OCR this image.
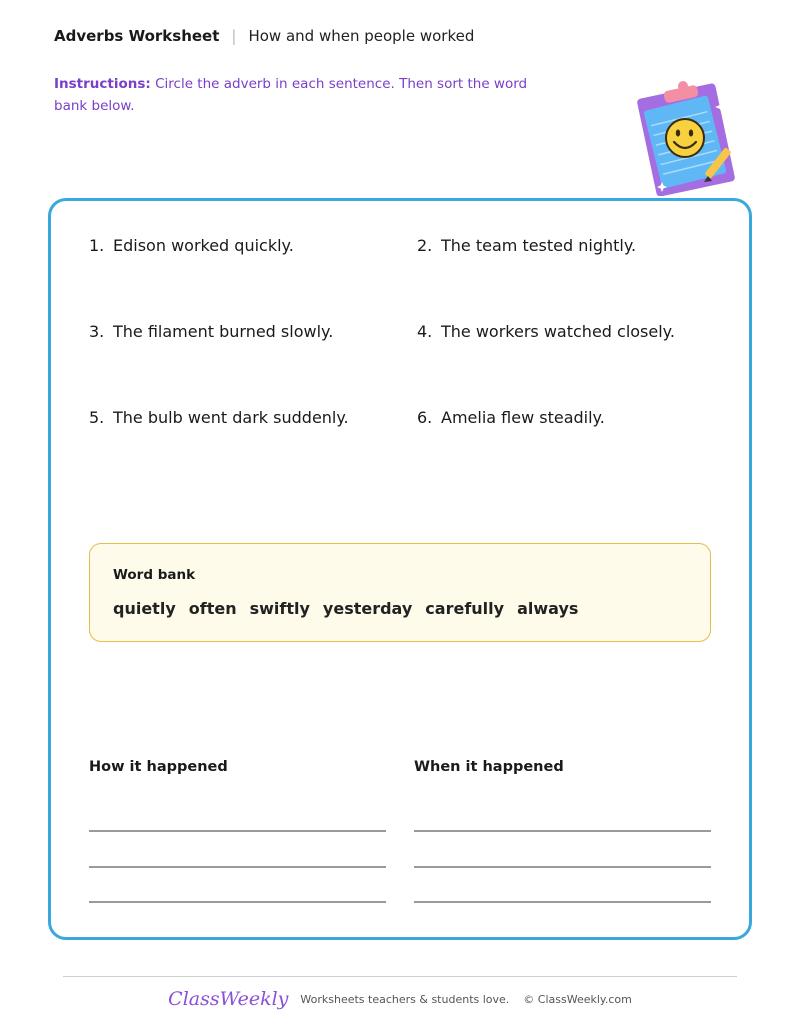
Adverbs Worksheet | How and when people worked
Instructions: Circle the adverb in each sentence. Then sort the word bank below.
1. Edison worked quickly.	2. The team tested nightly.
3. The filament burned slowly.	4. The workers watched closely.
5. The bulb went dark suddenly.	6. Amelia flew steadily.
Word bank
quietly often swiftly yesterday carefully always
How it happened	When it happened
ClassWeekly Worksheets teachers & students love.    © ClassWeekly.com
